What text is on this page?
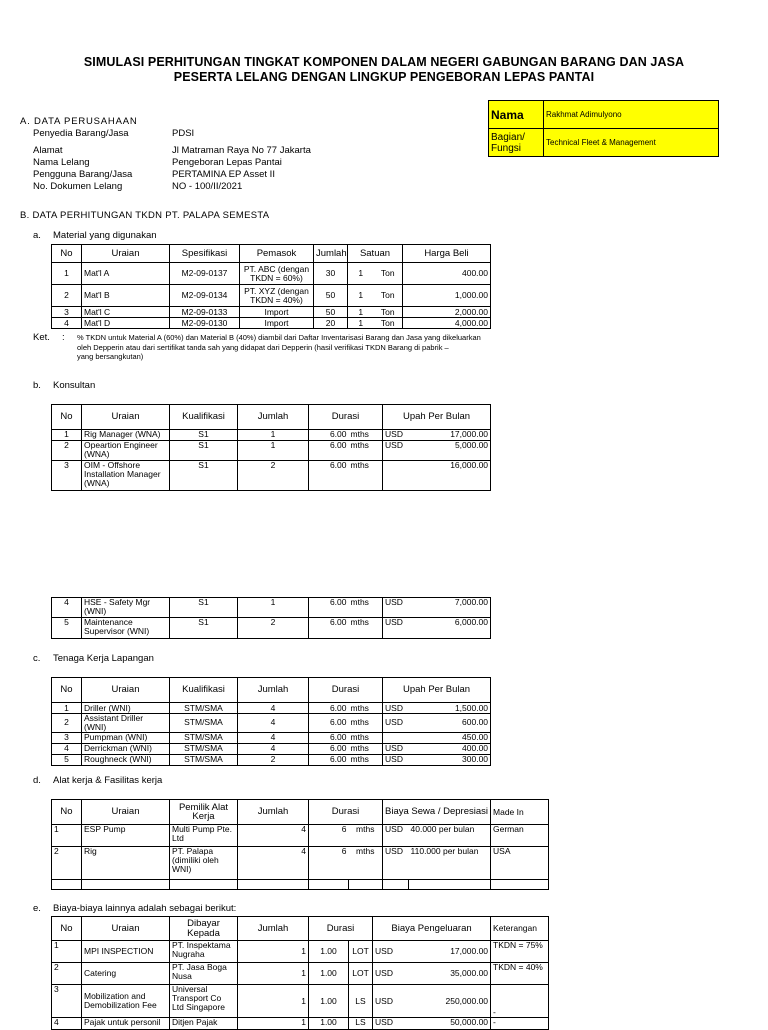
SIMULASI PERHITUNGAN TINGKAT KOMPONEN DALAM NEGERI GABUNGAN BARANG DAN JASA
PESERTA LELANG DENGAN LINGKUP PENGEBORAN LEPAS PANTAI
Nama	Rakhmat Adimulyono
Bagian/ Fungsi	Technical Fleet & Management
A. DATA PERUSAHAAN
Penyedia Barang/Jasa	PDSI
Alamat	Jl Matraman Raya No 77 Jakarta
Nama Lelang	Pengeboran Lepas Pantai
Pengguna Barang/Jasa	PERTAMINA EP Asset II
No. Dokumen Lelang	NO - 100/II/2021
B. DATA PERHITUNGAN TKDN PT. PALAPA SEMESTA
a. Material yang digunakan
No	Uraian	Spesifikasi	Pemasok	Jumlah	Satuan		Harga Beli
1	Mat'l A	M2-09-0137	PT. ABC (dengan TKDN = 60%)	30	1	Ton	400.00
2	Mat'l B	M2-09-0134	PT. XYZ (dengan TKDN = 40%)	50	1	Ton	1,000.00
3	Mat'l C	M2-09-0133	Import	50	1	Ton	2,000.00
4	Mat'l D	M2-09-0130	Import	20	1	Ton	4,000.00
Ket. : % TKDN untuk Material A (60%) dan Material B (40%) diambil dari Daftar Inventarisasi Barang dan Jasa yang dikeluarkan
oleh Depperin atau dari sertifikat tanda sah yang didapat dari Depperin (hasil verifikasi TKDN Barang di pabrik –
yang bersangkutan)
b. Konsultan
No	Uraian	Kualifikasi	Jumlah	Durasi		Upah Per Bulan	
1	Rig Manager (WNA)	S1	1	6.00	mths	USD	17,000.00
2	Opeartion Engineer (WNA)	S1	1	6.00	mths	USD	5,000.00
3	OIM - Offshore Installation Manager (WNA)	S1	2	6.00	mths		16,000.00
4	HSE - Safety Mgr (WNI)	S1	1	6.00	mths	USD	7,000.00
5	Maintenance Supervisor (WNI)	S1	2	6.00	mths	USD	6,000.00
c. Tenaga Kerja Lapangan
No	Uraian	Kualifikasi	Jumlah	Durasi		Upah Per Bulan	
1	Driller (WNI)	STM/SMA	4	6.00	mths	USD	1,500.00
2	Assistant Driller (WNI)	STM/SMA	4	6.00	mths	USD	600.00
3	Pumpman (WNI)	STM/SMA	4	6.00	mths		450.00
4	Derrickman (WNI)	STM/SMA	4	6.00	mths	USD	400.00
5	Roughneck (WNI)	STM/SMA	2	6.00	mths	USD	300.00
d. Alat kerja & Fasilitas kerja
No	Uraian	Pemilik Alat Kerja	Jumlah	Durasi		Biaya Sewa / Depresiasi		Made In
1	ESP Pump	Multi Pump Pte. Ltd	4	6	mths	USD	40.000 per bulan	German
2	Rig	PT. Palapa (dimiliki oleh WNI)	4	6	mths	USD	110.000 per bulan	USA

e. Biaya-biaya lainnya adalah sebagai berikut:
No	Uraian	Dibayar Kepada	Jumlah	Durasi		Biaya Pengeluaran		Keterangan
1	MPI INSPECTION	PT. Inspektama Nugraha	1	1.00	LOT	USD	17,000.00	TKDN = 75%
2	Catering	PT. Jasa Boga Nusa	1	1.00	LOT	USD	35,000.00	TKDN = 40%
3	Mobilization and Demobilization Fee	Universal Transport Co Ltd Singapore	1	1.00	LS	USD	250,000.00	-
4	Pajak untuk personil	Ditjen Pajak	1	1.00	LS	USD	50,000.00	-
